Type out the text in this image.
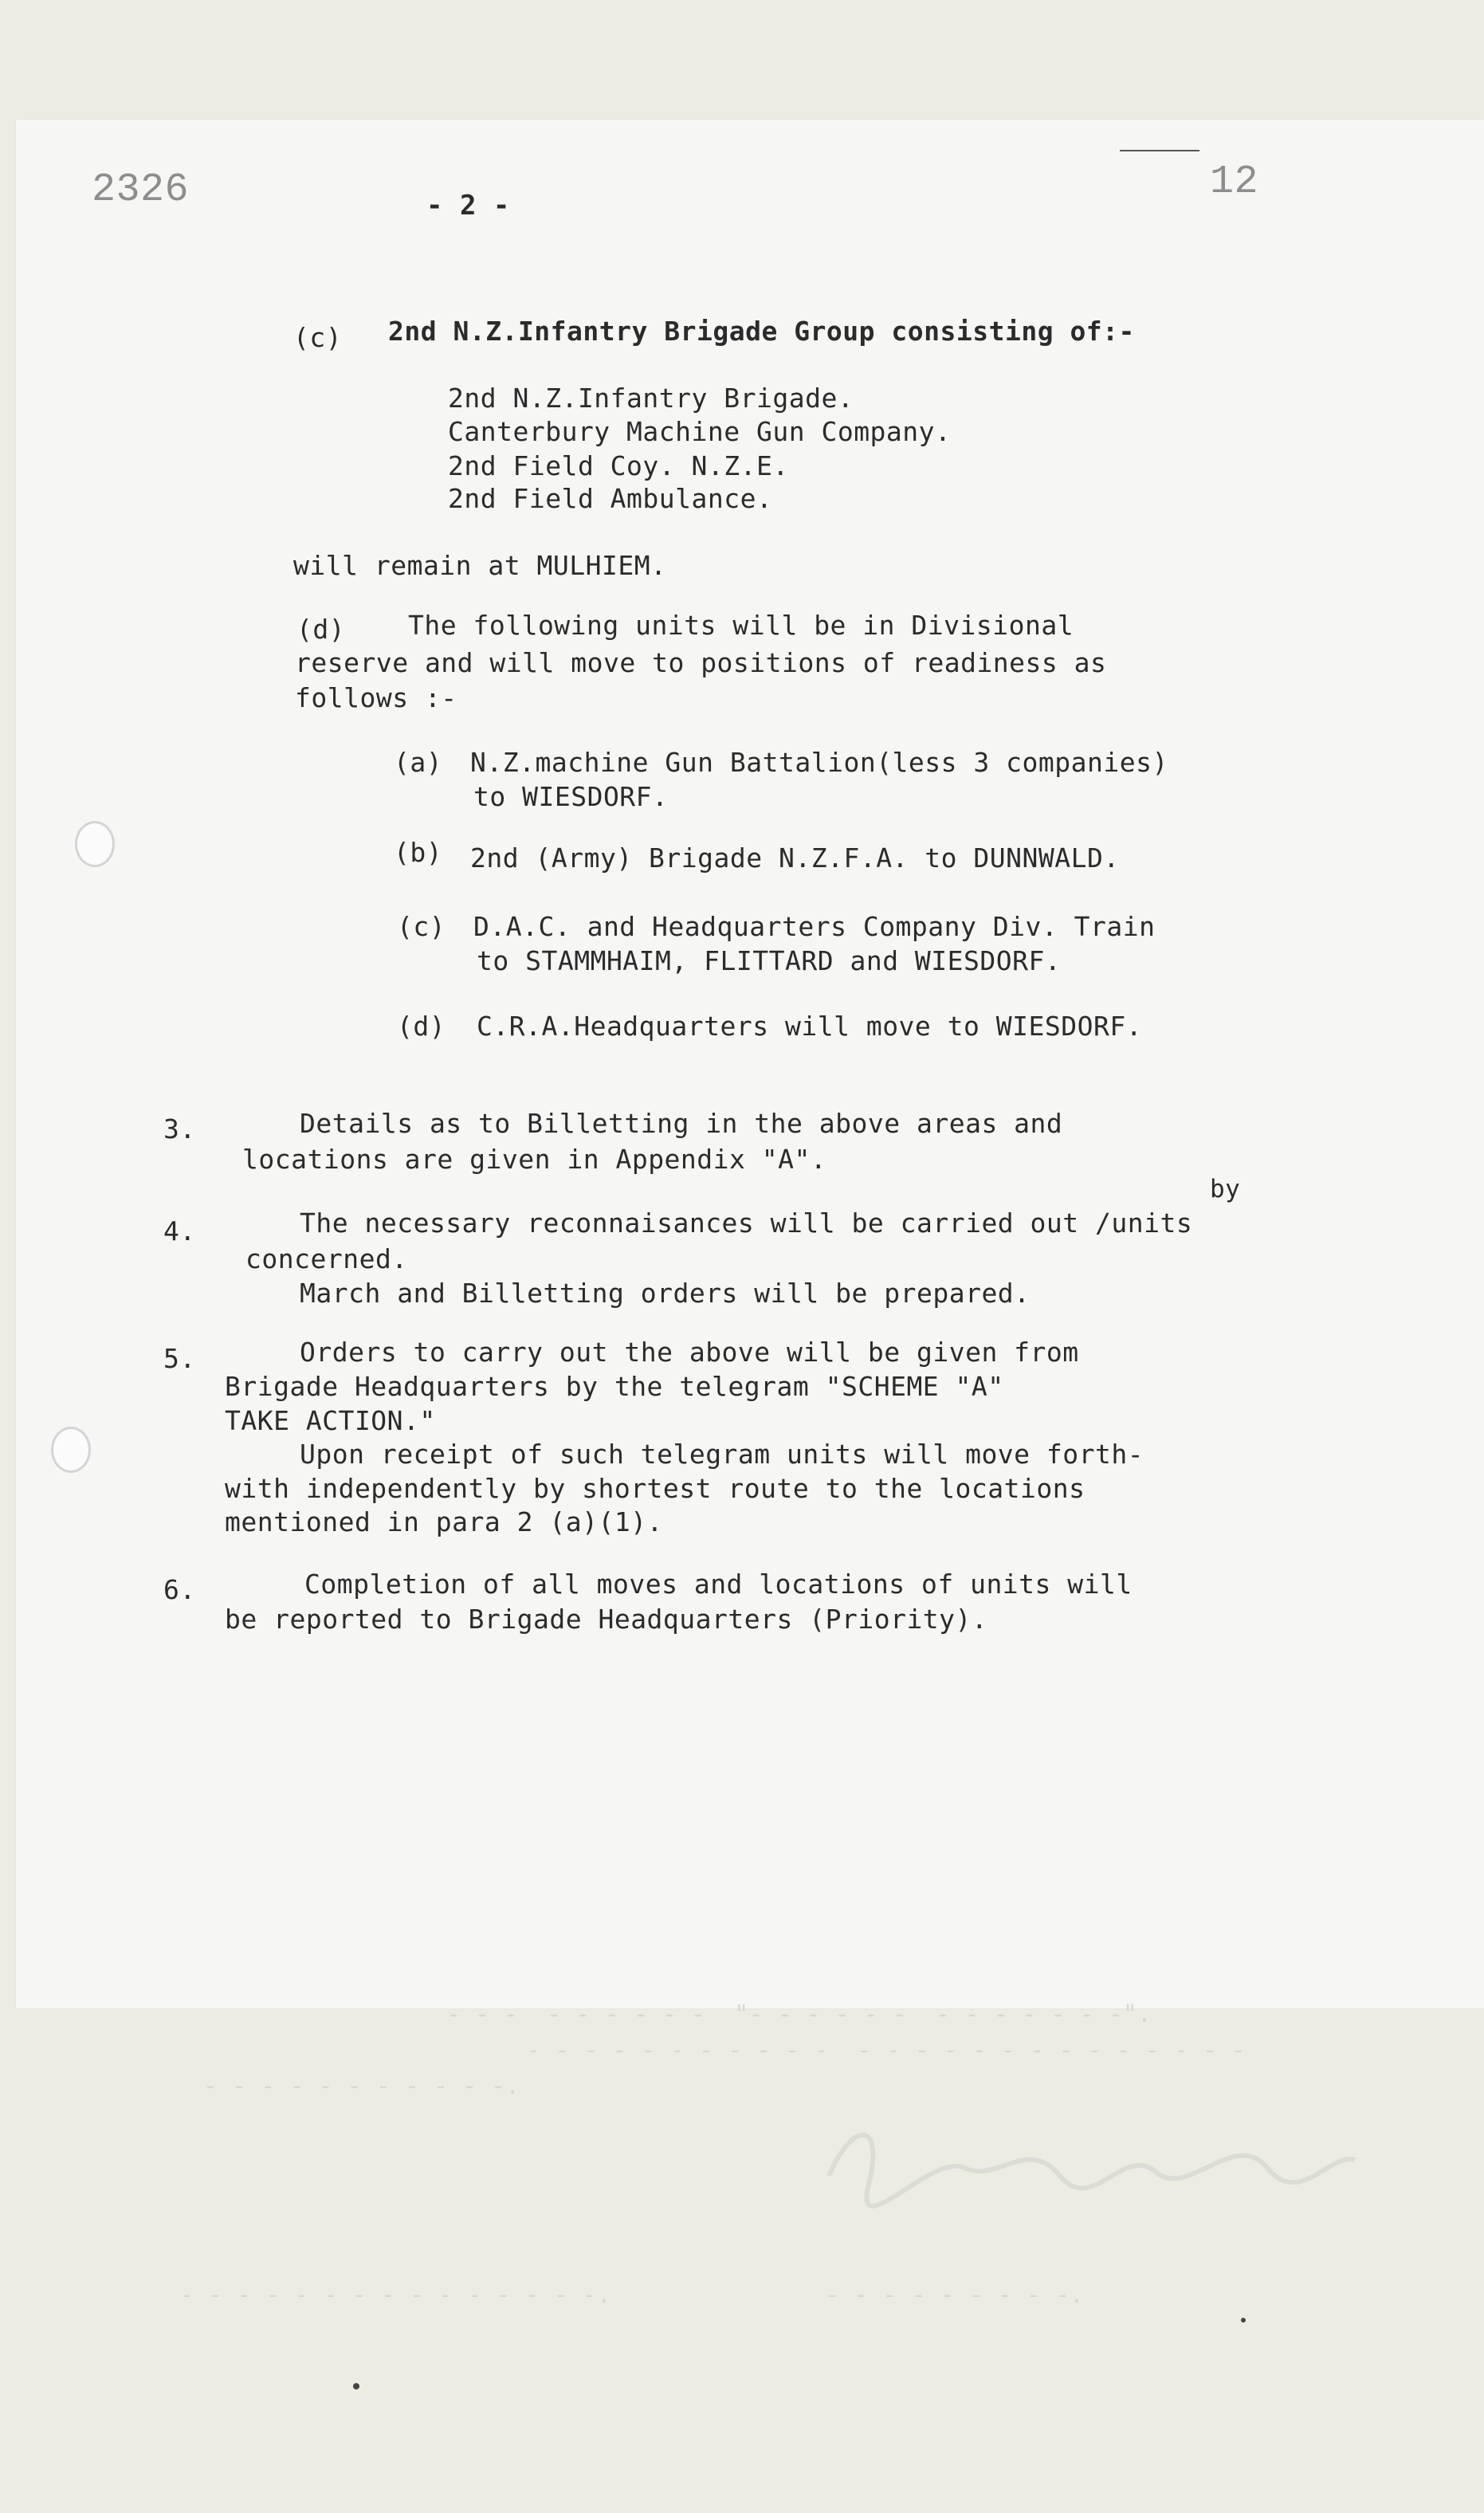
2326	- 2 -
12
(c) 2nd N.Z.Infantry Brigade Group consisting of:-
2nd N.Z.Infantry Brigade.
Canterbury Machine Gun Company.
2nd Field Coy. N.Z.E.
2nd Field Ambulance.
will remain at MULHIEM.
(d) The following units will be in Divisional
reserve and will move to positions of readiness as
follows :-
(a) N.Z.machine Gun Battalion(less 3 companies)
to WIESDORF.
(b) 2nd (Army) Brigade N.Z.F.A. to DUNNWALD.
(c) D.A.C. and Headquarters Company Div. Train
to STAMMHAIM, FLITTARD and WIESDORF.
(d) C.R.A.Headquarters will move to WIESDORF.
3.	Details as to Billetting in the above areas and
locations are given in Appendix "A".
by
4.	The necessary reconnaisances will be carried out /units
concerned.
March and Billetting orders will be prepared.
5.	Orders to carry out the above will be given from
Brigade Headquarters by the telegram "SCHEME "A"
TAKE ACTION."
Upon receipt of such telegram units will move forth-
with independently by shortest route to the locations
mentioned in para 2 (a)(1).
6.	Completion of all moves and locations of units will
be reported to Brigade Headquarters (Priority).
- - -  - - - - - -  "- - - - - -  - - - - - - -".
- - - - - - - - - - -  - - - - - - - - - - - - - -
- - - - - - - - - - -.
- - - - - - - - - - - - - - -.	- - - - - - - - -.
